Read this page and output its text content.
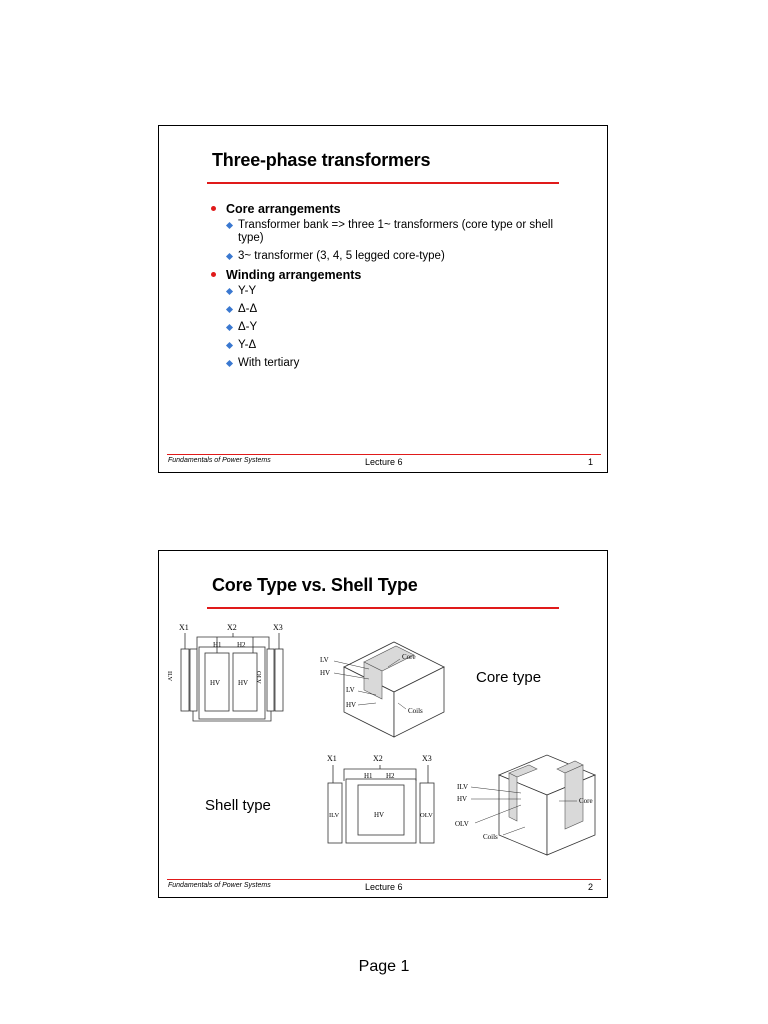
Three-phase transformers
Core arrangements
Transformer bank => three 1~ transformers (core type or shell type)
3~ transformer (3, 4, 5 legged core-type)
Winding arrangements
Y-Y
Δ-Δ
Δ-Y
Y-Δ
With tertiary
Fundamentals of Power Systems	Lecture 6	1
Core Type vs. Shell Type
X1	X2	X3
H1 H2
ILV
HV	HV OLV
LV
HV
Core
LV
HV
Coils
Core type
Shell type
X1	X2	X3
H1 H2
ILV	HV	OLV
ILV
HV
OLV
Core
Coils
Fundamentals of Power Systems	Lecture 6	2
Page 1
